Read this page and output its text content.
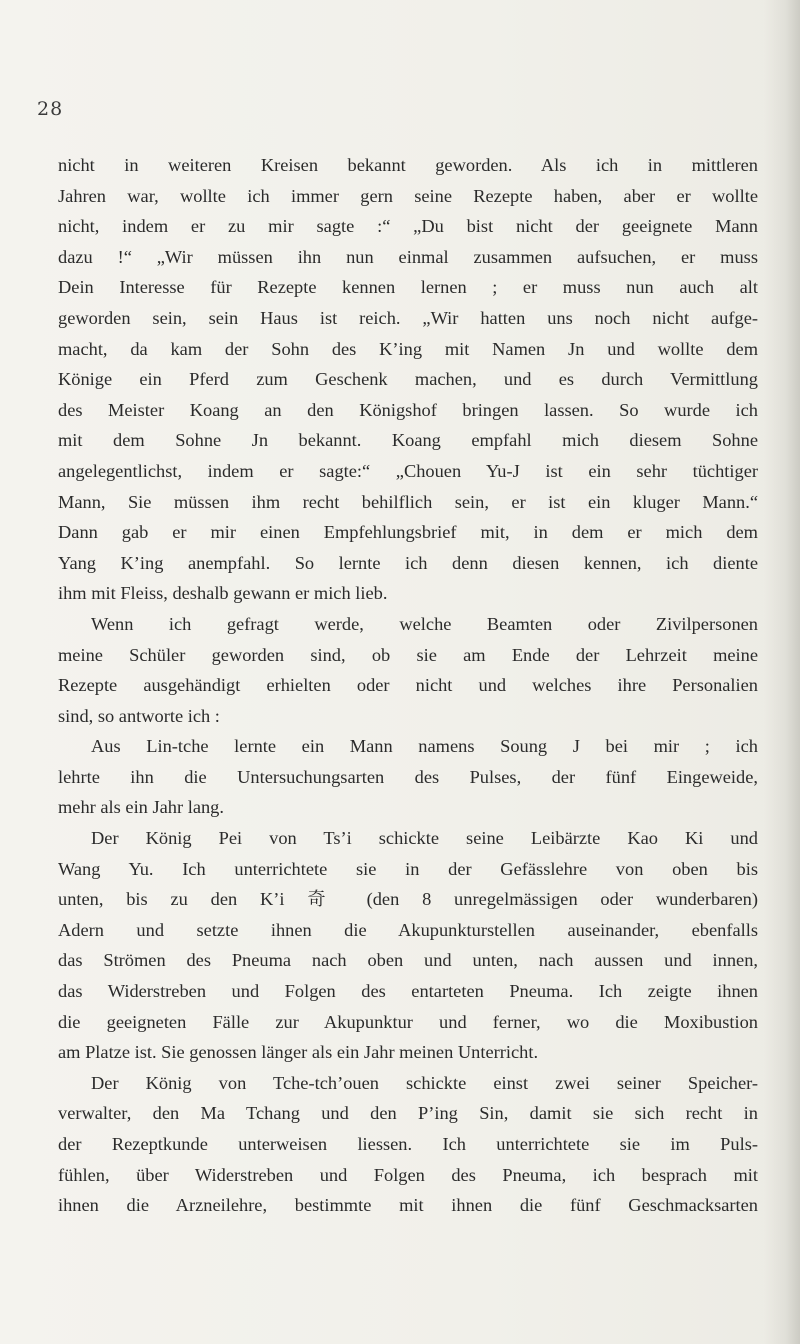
28
nicht in weiteren Kreisen bekannt geworden. Als ich in mittleren
Jahren war, wollte ich immer gern seine Rezepte haben, aber er wollte
nicht, indem er zu mir sagte :“ „Du bist nicht der geeignete Mann
dazu !“ „Wir müssen ihn nun einmal zusammen aufsuchen, er muss
Dein Interesse für Rezepte kennen lernen ; er muss nun auch alt
geworden sein, sein Haus ist reich. „Wir hatten uns noch nicht aufge-
macht, da kam der Sohn des K’ing mit Namen Jn und wollte dem
Könige ein Pferd zum Geschenk machen, und es durch Vermittlung
des Meister Koang an den Königshof bringen lassen. So wurde ich
mit dem Sohne Jn bekannt. Koang empfahl mich diesem Sohne
angelegentlichst, indem er sagte:“ „Chouen Yu-J ist ein sehr tüchtiger
Mann, Sie müssen ihm recht behilflich sein, er ist ein kluger Mann.“
Dann gab er mir einen Empfehlungsbrief mit, in dem er mich dem
Yang K’ing anempfahl. So lernte ich denn diesen kennen, ich diente
ihm mit Fleiss, deshalb gewann er mich lieb.
Wenn ich gefragt werde, welche Beamten oder Zivilpersonen
meine Schüler geworden sind, ob sie am Ende der Lehrzeit meine
Rezepte ausgehändigt erhielten oder nicht und welches ihre Personalien
sind, so antworte ich :
Aus Lin-tche lernte ein Mann namens Soung J bei mir ; ich
lehrte ihn die Untersuchungsarten des Pulses, der fünf Eingeweide,
mehr als ein Jahr lang.
Der König Pei von Ts’i schickte seine Leibärzte Kao Ki und
Wang Yu. Ich unterrichtete sie in der Gefässlehre von oben bis
unten, bis zu den K’i 奇 (den 8 unregelmässigen oder wunderbaren)
Adern und setzte ihnen die Akupunkturstellen auseinander, ebenfalls
das Strömen des Pneuma nach oben und unten, nach aussen und innen,
das Widerstreben und Folgen des entarteten Pneuma. Ich zeigte ihnen
die geeigneten Fälle zur Akupunktur und ferner, wo die Moxibustion
am Platze ist. Sie genossen länger als ein Jahr meinen Unterricht.
Der König von Tche-tch’ouen schickte einst zwei seiner Speicher-
verwalter, den Ma Tchang und den P’ing Sin, damit sie sich recht in
der Rezeptkunde unterweisen liessen. Ich unterrichtete sie im Puls-
fühlen, über Widerstreben und Folgen des Pneuma, ich besprach mit
ihnen die Arzneilehre, bestimmte mit ihnen die fünf Geschmacksarten
